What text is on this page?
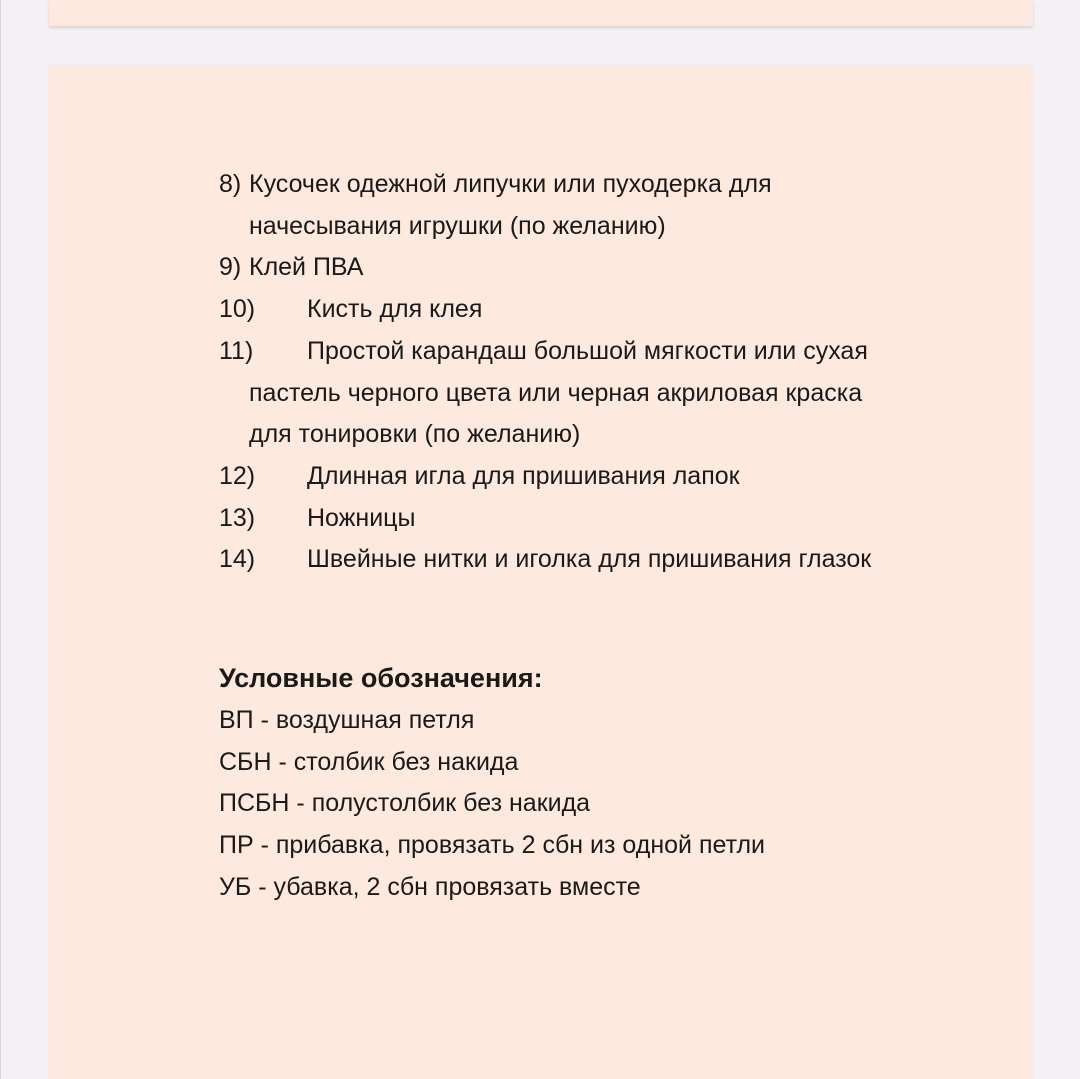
8) Кусочек одежной липучки или пуходерка для
начесывания игрушки (по желанию)
9) Клей ПВА
10)	Кисть для клея
11)	Простой карандаш большой мягкости или сухая
пастель черного цвета или черная акриловая краска
для тонировки (по желанию)
12)	Длинная игла для пришивания лапок
13)	Ножницы
14)	Швейные нитки и иголка для пришивания глазок
Условные обозначения:
ВП - воздушная петля
СБН - столбик без накида
ПСБН - полустолбик без накида
ПР - прибавка, провязать 2 сбн из одной петли
УБ - убавка, 2 сбн провязать вместе
